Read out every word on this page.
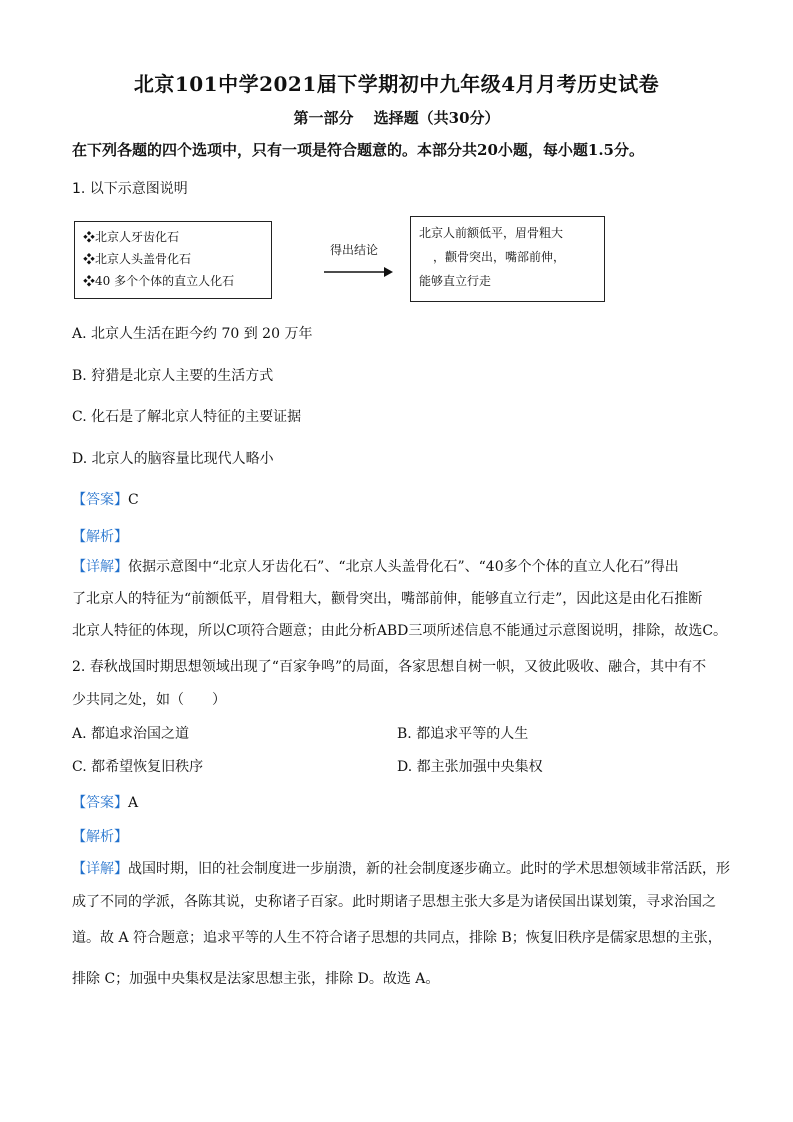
北京101中学2021届下学期初中九年级4月月考历史试卷
第一部分　 选择题（共30分）
在下列各题的四个选项中，只有一项是符合题意的。本部分共20小题，每小题1.5分。
1. 以下示意图说明
❖北京人牙齿化石
❖北京人头盖骨化石
❖40 多个个体的直立人化石
得出结论
北京人前额低平，眉骨粗大
，颧骨突出，嘴部前伸，
能够直立行走
A. 北京人生活在距今约 70 到 20 万年
B. 狩猎是北京人主要的生活方式
C. 化石是了解北京人特征的主要证据
D. 北京人的脑容量比现代人略小
【答案】C
【解析】
【详解】依据示意图中“北京人牙齿化石”、“北京人头盖骨化石”、“40多个个体的直立人化石”得出
了北京人的特征为“前额低平，眉骨粗大，颧骨突出，嘴部前伸，能够直立行走”，因此这是由化石推断
北京人特征的体现，所以C项符合题意；由此分析ABD三项所述信息不能通过示意图说明，排除，故选C。
2. 春秋战国时期思想领域出现了“百家争鸣”的局面，各家思想自树一帜，又彼此吸收、融合，其中有不
少共同之处，如（　　）
A. 都追求治国之道	B. 都追求平等的人生
C. 都希望恢复旧秩序	D. 都主张加强中央集权
【答案】A
【解析】
【详解】战国时期，旧的社会制度进一步崩溃，新的社会制度逐步确立。此时的学术思想领域非常活跃，形
成了不同的学派，各陈其说，史称诸子百家。此时期诸子思想主张大多是为诸侯国出谋划策，寻求治国之
道。故 A 符合题意；追求平等的人生不符合诸子思想的共同点，排除 B；恢复旧秩序是儒家思想的主张，
排除 C；加强中央集权是法家思想主张，排除 D。故选 A。
